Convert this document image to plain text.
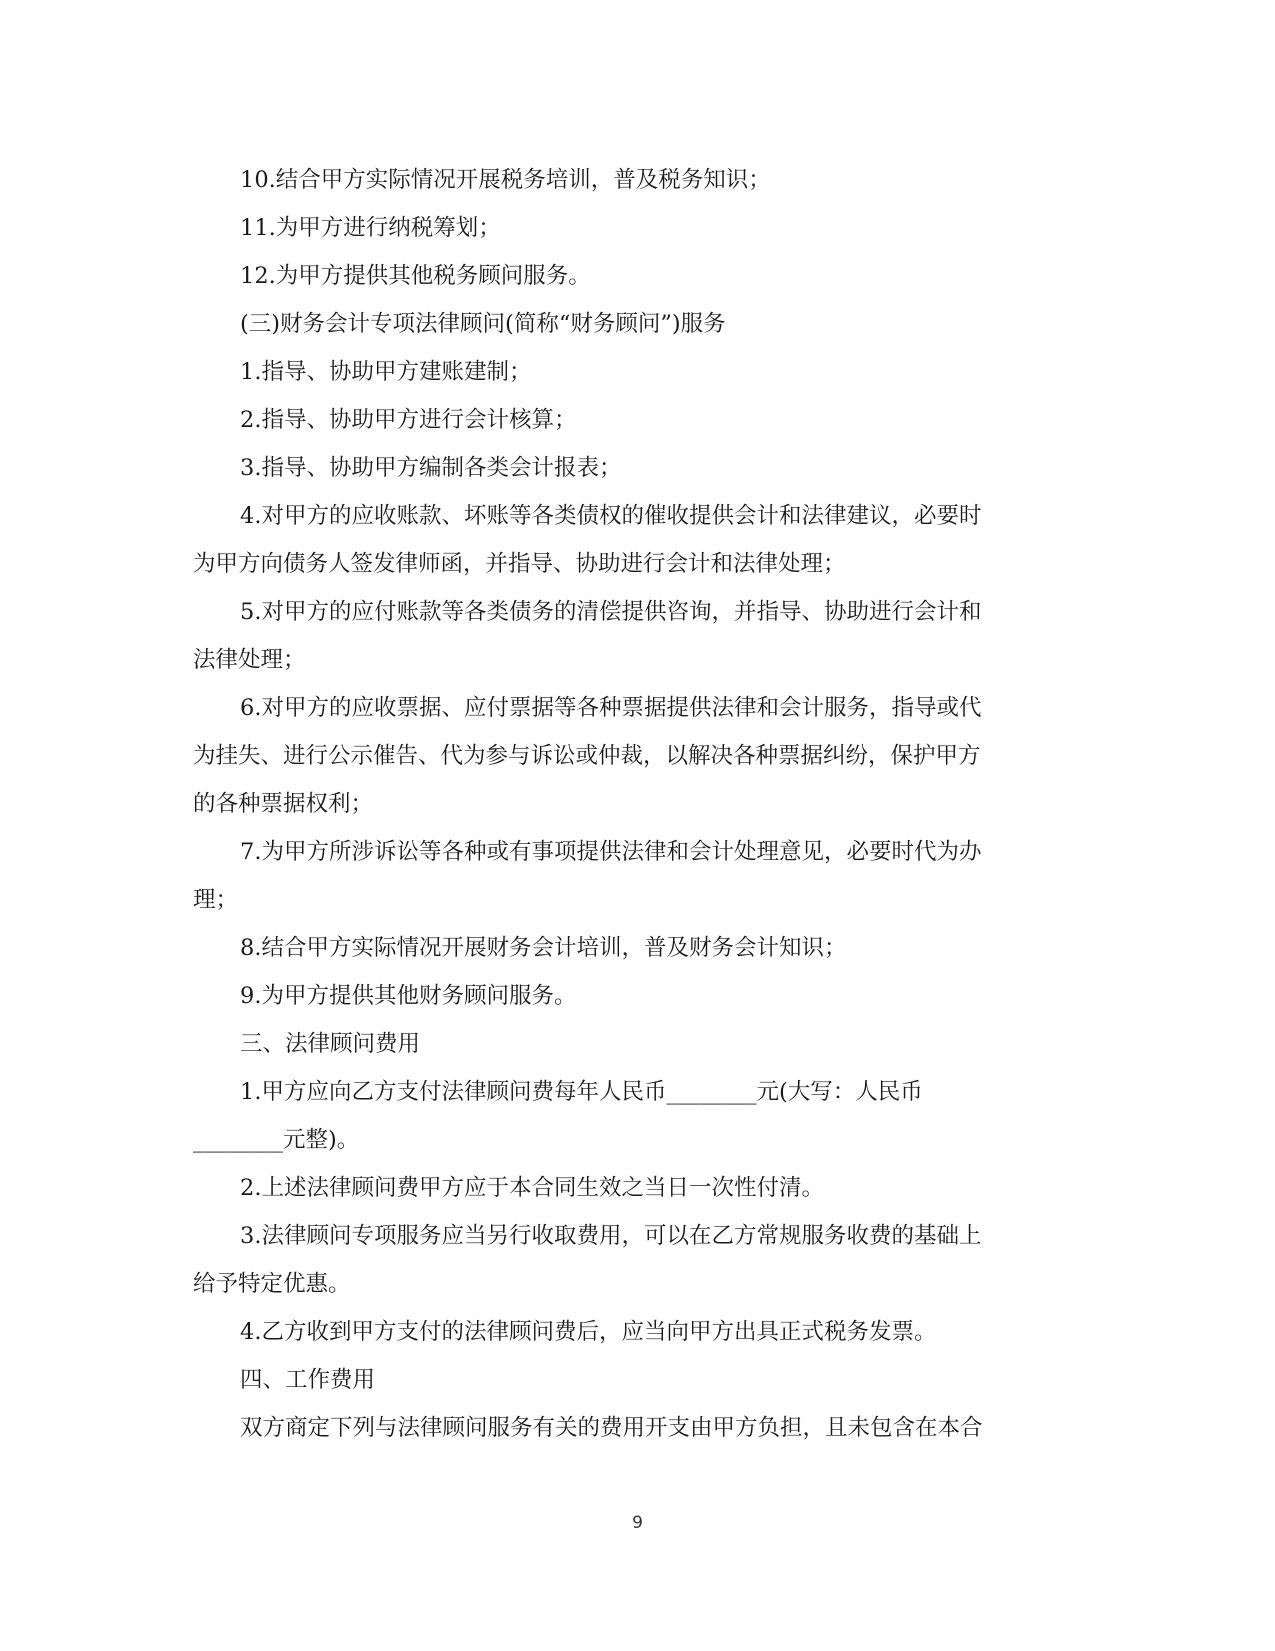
10.结合甲方实际情况开展税务培训，普及税务知识；

11.为甲方进行纳税筹划；

12.为甲方提供其他税务顾问服务。

(三)财务会计专项法律顾问(简称“财务顾问”)服务

1.指导、协助甲方建账建制；

2.指导、协助甲方进行会计核算；

3.指导、协助甲方编制各类会计报表；

4.对甲方的应收账款、坏账等各类债权的催收提供会计和法律建议，必要时

为甲方向债务人签发律师函，并指导、协助进行会计和法律处理；

5.对甲方的应付账款等各类债务的清偿提供咨询，并指导、协助进行会计和

法律处理；

6.对甲方的应收票据、应付票据等各种票据提供法律和会计服务，指导或代

为挂失、进行公示催告、代为参与诉讼或仲裁，以解决各种票据纠纷，保护甲方

的各种票据权利；

7.为甲方所涉诉讼等各种或有事项提供法律和会计处理意见，必要时代为办

理；

8.结合甲方实际情况开展财务会计培训，普及财务会计知识；

9.为甲方提供其他财务顾问服务。

三、法律顾问费用

1.甲方应向乙方支付法律顾问费每年人民币________元(大写：人民币

________元整)。

2.上述法律顾问费甲方应于本合同生效之当日一次性付清。

3.法律顾问专项服务应当另行收取费用，可以在乙方常规服务收费的基础上

给予特定优惠。

4.乙方收到甲方支付的法律顾问费后，应当向甲方出具正式税务发票。

四、工作费用

双方商定下列与法律顾问服务有关的费用开支由甲方负担，且未包含在本合

9
